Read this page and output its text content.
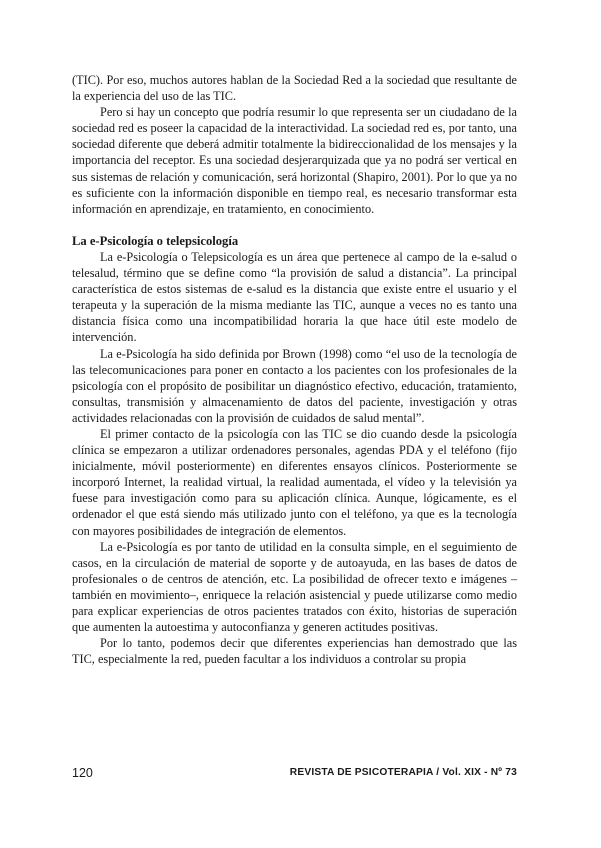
(TIC). Por eso, muchos autores hablan de la Sociedad Red a la sociedad que resultante de la experiencia del uso de las TIC.

Pero si hay un concepto que podría resumir lo que representa ser un ciudadano de la sociedad red es poseer la capacidad de la interactividad. La sociedad red es, por tanto, una sociedad diferente que deberá admitir totalmente la bidireccionalidad de los mensajes y la importancia del receptor. Es una sociedad desjerarquizada que ya no podrá ser vertical en sus sistemas de relación y comunicación, será horizontal (Shapiro, 2001). Por lo que ya no es suficiente con la información disponible en tiempo real, es necesario transformar esta información en aprendizaje, en tratamiento, en conocimiento.

La e-Psicología o telepsicología

La e-Psicología o Telepsicología es un área que pertenece al campo de la e-salud o telesalud, término que se define como “la provisión de salud a distancia”. La principal característica de estos sistemas de e-salud es la distancia que existe entre el usuario y el terapeuta y la superación de la misma mediante las TIC, aunque a veces no es tanto una distancia física como una incompatibilidad horaria la que hace útil este modelo de intervención.

La e-Psicología ha sido definida por Brown (1998) como “el uso de la tecnología de las telecomunicaciones para poner en contacto a los pacientes con los profesionales de la psicología con el propósito de posibilitar un diagnóstico efectivo, educación, tratamiento, consultas, transmisión y almacenamiento de datos del paciente, investigación y otras actividades relacionadas con la provisión de cuidados de salud mental”.

El primer contacto de la psicología con las TIC se dio cuando desde la psicología clínica se empezaron a utilizar ordenadores personales, agendas PDA y el teléfono (fijo inicialmente, móvil posteriormente) en diferentes ensayos clínicos. Posteriormente se incorporó Internet, la realidad virtual, la realidad aumentada, el vídeo y la televisión ya fuese para investigación como para su aplicación clínica. Aunque, lógicamente, es el ordenador el que está siendo más utilizado junto con el teléfono, ya que es la tecnología con mayores posibilidades de integración de elementos.

La e-Psicología es por tanto de utilidad en la consulta simple, en el seguimiento de casos, en la circulación de material de soporte y de autoayuda, en las bases de datos de profesionales o de centros de atención, etc. La posibilidad de ofrecer texto e imágenes –también en movimiento–, enriquece la relación asistencial y puede utilizarse como medio para explicar experiencias de otros pacientes tratados con éxito, historias de superación que aumenten la autoestima y autoconfianza y generen actitudes positivas.

Por lo tanto, podemos decir que diferentes experiencias han demostrado que las TIC, especialmente la red, pueden facultar a los individuos a controlar su propia

120	REVISTA DE PSICOTERAPIA / Vol. XIX - Nº 73
